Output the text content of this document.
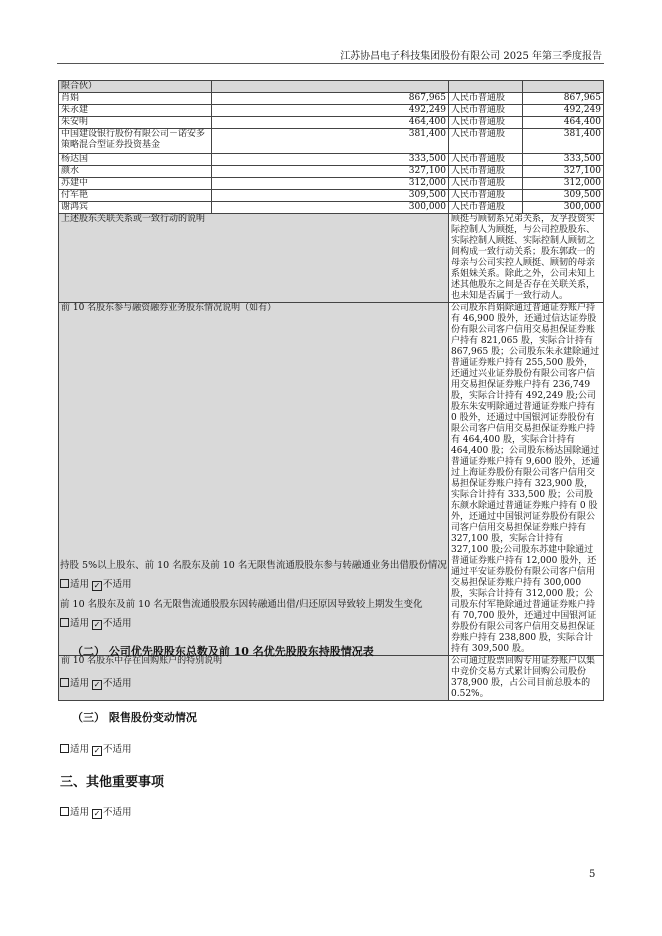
江苏协昌电子科技集团股份有限公司 2025 年第三季度报告
限合伙）			
肖娟	867,965	人民币普通股	867,965
朱永建	492,249	人民币普通股	492,249
朱安明	464,400	人民币普通股	464,400
中国建设银行股份有限公司－诺安多策略混合型证券投资基金	381,400	人民币普通股	381,400
杨达国	333,500	人民币普通股	333,500
颜水	327,100	人民币普通股	327,100
苏建中	312,000	人民币普通股	312,000
付军艳	309,500	人民币普通股	309,500
谢鸿宾	300,000	人民币普通股	300,000
上述股东关联关系或一致行动的说明		顾挺与顾韧系兄弟关系，友孚投资实际控制人为顾挺，与公司控股股东、实际控制人顾挺、实际控制人顾韧之间构成一致行动关系；股东郭政一的母亲与公司实控人顾挺、顾韧的母亲系姐妹关系。除此之外，公司未知上述其他股东之间是否存在关联关系，也未知是否属于一致行动人。	
前 10 名股东参与融资融券业务股东情况说明（如有）		公司股东肖娟除通过普通证券账户持有 46,900 股外，还通过信达证券股份有限公司客户信用交易担保证券账户持有 821,065 股，实际合计持有 867,965 股；公司股东朱永建除通过普通证券账户持有 255,500 股外，还通过兴业证券股份有限公司客户信用交易担保证券账户持有 236,749 股，实际合计持有 492,249 股;公司股东朱安明除通过普通证券账户持有 0 股外，还通过中国银河证券股份有限公司客户信用交易担保证券账户持有 464,400 股，实际合计持有 464,400 股；公司股东杨达国除通过普通证券账户持有 9,600 股外，还通过上海证券股份有限公司客户信用交易担保证券账户持有 323,900 股，实际合计持有 333,500 股；公司股东颜水除通过普通证券账户持有 0 股外，还通过中国银河证券股份有限公司客户信用交易担保证券账户持有 327,100 股，实际合计持有 327,100 股;公司股东苏建中除通过普通证券账户持有 12,000 股外，还通过平安证券股份有限公司客户信用交易担保证券账户持有 300,000 股，实际合计持有 312,000 股；公司股东付军艳除通过普通证券账户持有 70,700 股外，还通过中国银河证券股份有限公司客户信用交易担保证券账户持有 238,800 股，实际合计持有 309,500 股。	
前 10 名股东中存在回购账户的特别说明		公司通过股票回购专用证券账户以集中竞价交易方式累计回购公司股份 378,900 股，占公司目前总股本的 0.52%。	
持股 5%以上股东、前 10 名股东及前 10 名无限售流通股股东参与转融通业务出借股份情况
适用 ✓ 不适用
前 10 名股东及前 10 名无限售流通股股东因转融通出借/归还原因导致较上期发生变化
适用 ✓ 不适用
（二） 公司优先股股东总数及前 10 名优先股股东持股情况表
适用 ✓ 不适用
（三） 限售股份变动情况
适用 ✓ 不适用
三、其他重要事项
适用 ✓ 不适用
5
